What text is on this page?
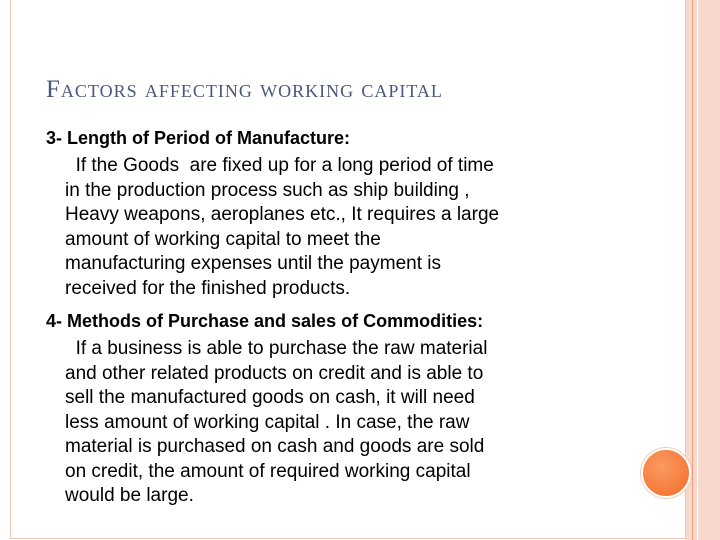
Factors affecting working capital

3- Length of Period of Manufacture:

If the Goods  are fixed up for a long period of time
in the production process such as ship building ,
Heavy weapons, aeroplanes etc., It requires a large
amount of working capital to meet the
manufacturing expenses until the payment is
received for the finished products.

4- Methods of Purchase and sales of Commodities:

If a business is able to purchase the raw material
and other related products on credit and is able to
sell the manufactured goods on cash, it will need
less amount of working capital . In case, the raw
material is purchased on cash and goods are sold
on credit, the amount of required working capital
would be large.
